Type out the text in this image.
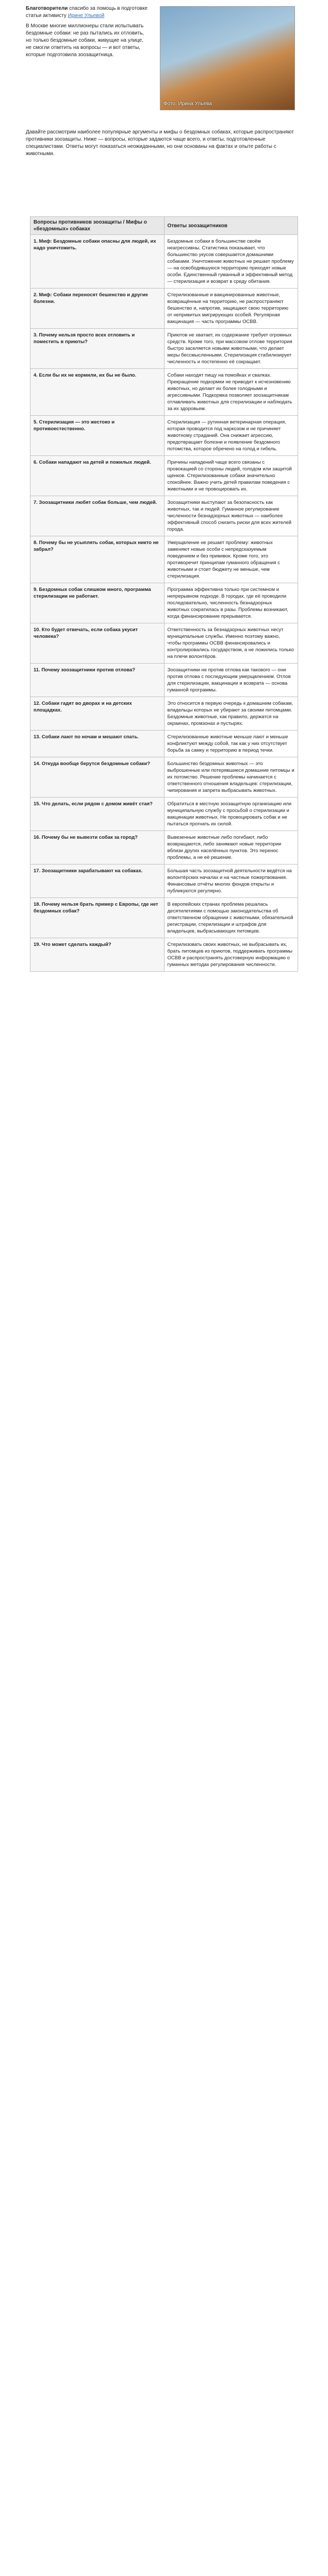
Благотворители спасибо за помощь в подготовке статьи активисту Ирине Ульевой

В Москве многие миллионеры стали испытывать бездомные собаки: не раз пытались их отловить, но только бездомные собаки, живущие на улице, не смогли ответить на вопросы — и вот ответы, которые подготовила зоозащитница.

Фото: Ирина Ульева

Давайте рассмотрим наиболее популярные аргументы и мифы о бездомных собаках, которые распространяют противники зоозащиты. Ниже — вопросы, которые задаются чаще всего, и ответы, подготовленные специалистами. Ответы могут показаться неожиданными, но они основаны на фактах и опыте работы с животными.

Вопросы противников зоозащиты / Мифы о «бездомных» собаках	Ответы зоозащитников
1. Миф: Бездомные собаки опасны для людей, их надо уничтожить.	Бездомные собаки в большинстве своём неагрессивны. Статистика показывает, что большинство укусов совершается домашними собаками. Уничтожение животных не решает проблему — на освободившуюся территорию приходят новые особи. Единственный гуманный и эффективный метод — стерилизация и возврат в среду обитания.
2. Миф: Собаки переносят бешенство и другие болезни.	Стерилизованные и вакцинированные животные, возвращённые на территорию, не распространяют бешенство и, напротив, защищают свою территорию от непривитых мигрирующих особей. Регулярная вакцинация — часть программы ОСВВ.
3. Почему нельзя просто всех отловить и поместить в приюты?	Приютов не хватает, их содержание требует огромных средств. Кроме того, при массовом отлове территория быстро заселяется новыми животными, что делает меры бессмысленными. Стерилизация стабилизирует численность и постепенно её сокращает.
4. Если бы их не кормили, их бы не было.	Собаки находят пищу на помойках и свалках. Прекращение подкормки не приводит к исчезновению животных, но делает их более голодными и агрессивными. Подкормка позволяет зоозащитникам отлавливать животных для стерилизации и наблюдать за их здоровьем.
5. Стерилизация — это жестоко и противоестественно.	Стерилизация — рутинная ветеринарная операция, которая проводится под наркозом и не причиняет животному страданий. Она снижает агрессию, предотвращает болезни и появление бездомного потомства, которое обречено на голод и гибель.
6. Собаки нападают на детей и пожилых людей.	Причины нападений чаще всего связаны с провокацией со стороны людей, голодом или защитой щенков. Стерилизованные собаки значительно спокойнее. Важно учить детей правилам поведения с животными и не провоцировать их.
7. Зоозащитники любят собак больше, чем людей.	Зоозащитники выступают за безопасность как животных, так и людей. Гуманное регулирование численности безнадзорных животных — наиболее эффективный способ снизить риски для всех жителей города.
8. Почему бы не усыплять собак, которых никто не забрал?	Умерщвление не решает проблему: животных заменяют новые особи с непредсказуемым поведением и без прививок. Кроме того, это противоречит принципам гуманного обращения с животными и стоит бюджету не меньше, чем стерилизация.
9. Бездомных собак слишком много, программа стерилизации не работает.	Программа эффективна только при системном и непрерывном подходе. В городах, где её проводили последовательно, численность безнадзорных животных сократилась в разы. Проблемы возникают, когда финансирование прерывается.
10. Кто будет отвечать, если собака укусит человека?	Ответственность за безнадзорных животных несут муниципальные службы. Именно поэтому важно, чтобы программы ОСВВ финансировались и контролировались государством, а не ложились только на плечи волонтёров.
11. Почему зоозащитники против отлова?	Зоозащитники не против отлова как такового — они против отлова с последующим умерщвлением. Отлов для стерилизации, вакцинации и возврата — основа гуманной программы.
12. Собаки гадят во дворах и на детских площадках.	Это относится в первую очередь к домашним собакам, владельцы которых не убирают за своими питомцами. Бездомные животные, как правило, держатся на окраинах, промзонах и пустырях.
13. Собаки лают по ночам и мешают спать.	Стерилизованные животные меньше лают и меньше конфликтуют между собой, так как у них отсутствует борьба за самку и территорию в период течки.
14. Откуда вообще берутся бездомные собаки?	Большинство бездомных животных — это выброшенные или потерявшиеся домашние питомцы и их потомство. Решение проблемы начинается с ответственного отношения владельцев: стерилизации, чипирования и запрета выбрасывать животных.
15. Что делать, если рядом с домом живёт стая?	Обратиться в местную зоозащитную организацию или муниципальную службу с просьбой о стерилизации и вакцинации животных. Не провоцировать собак и не пытаться прогнать их силой.
16. Почему бы не вывезти собак за город?	Вывезенные животные либо погибают, либо возвращаются, либо занимают новые территории вблизи других населённых пунктов. Это перенос проблемы, а не её решение.
17. Зоозащитники зарабатывают на собаках.	Большая часть зоозащитной деятельности ведётся на волонтёрских началах и на частные пожертвования. Финансовые отчёты многих фондов открыты и публикуются регулярно.
18. Почему нельзя брать пример с Европы, где нет бездомных собак?	В европейских странах проблема решалась десятилетиями с помощью законодательства об ответственном обращении с животными, обязательной регистрации, стерилизации и штрафов для владельцев, выбрасывающих питомцев.
19. Что может сделать каждый?	Стерилизовать своих животных, не выбрасывать их, брать питомцев из приютов, поддерживать программы ОСВВ и распространять достоверную информацию о гуманных методах регулирования численности.
